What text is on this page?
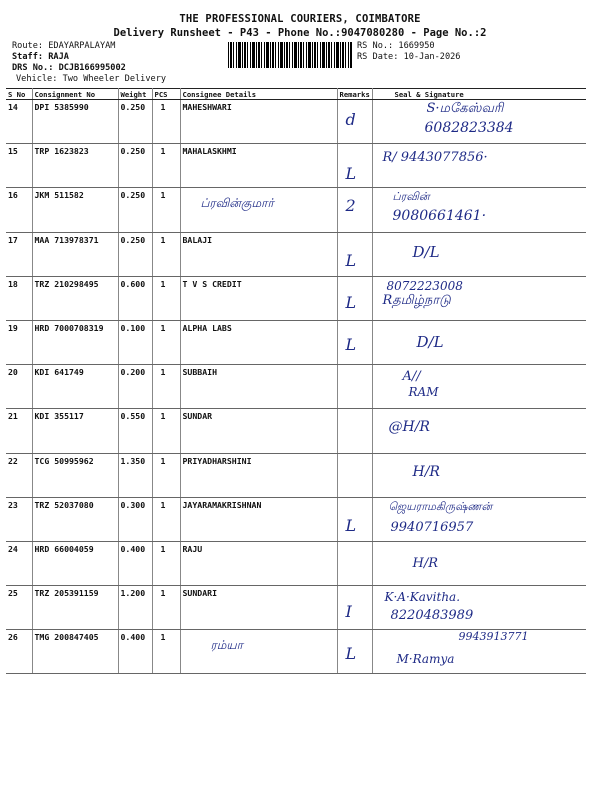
THE PROFESSIONAL COURIERS, COIMBATORE
Delivery Runsheet - P43 - Phone No.:9047080280 - Page No.:2
Route: EDAYARPALAYAM
Staff: RAJA
DRS No.: DCJB166995002
Vehicle: Two Wheeler Delivery
RS No.: 1669950
RS Date: 10-Jan-2026
S No	Consignment No	Weight	PCS	Consignee Details	Remarks	Seal & Signature
14	DPI 5385990	0.250	1	MAHESHWARI	d	S·மகேஸ்வரி
6082823384

15	TRP 1623823	0.250	1	MAHALASKHMI	L	R/ 9443077856·

16	JKM 511582	0.250	1	ப்ரவின்குமார்	2	ப்ரவின்
9080661461·

17	MAA 713978371	0.250	1	BALAJI	L	D/L

18	TRZ 210298495	0.600	1	T V S CREDIT	L	8072223008
Rதமிழ்நாடு

19	HRD 7000708319	0.100	1	ALPHA LABS	L	D/L

20	KDI 641749	0.200	1	SUBBAIH		A//
RAM

21	KDI 355117	0.550	1	SUNDAR		@H/R

22	TCG 50995962	1.350	1	PRIYADHARSHINI		H/R

23	TRZ 52037080	0.300	1	JAYARAMAKRISHNAN	L	ஜெயராமகிருஷ்ணன்
9940716957

24	HRD 66004059	0.400	1	RAJU		H/R

25	TRZ 205391159	1.200	1	SUNDARI	I	K·A·Kavitha.
8220483989

26	TMG 200847405	0.400	1	ரம்யா	L	9943913771
M·Ramya
